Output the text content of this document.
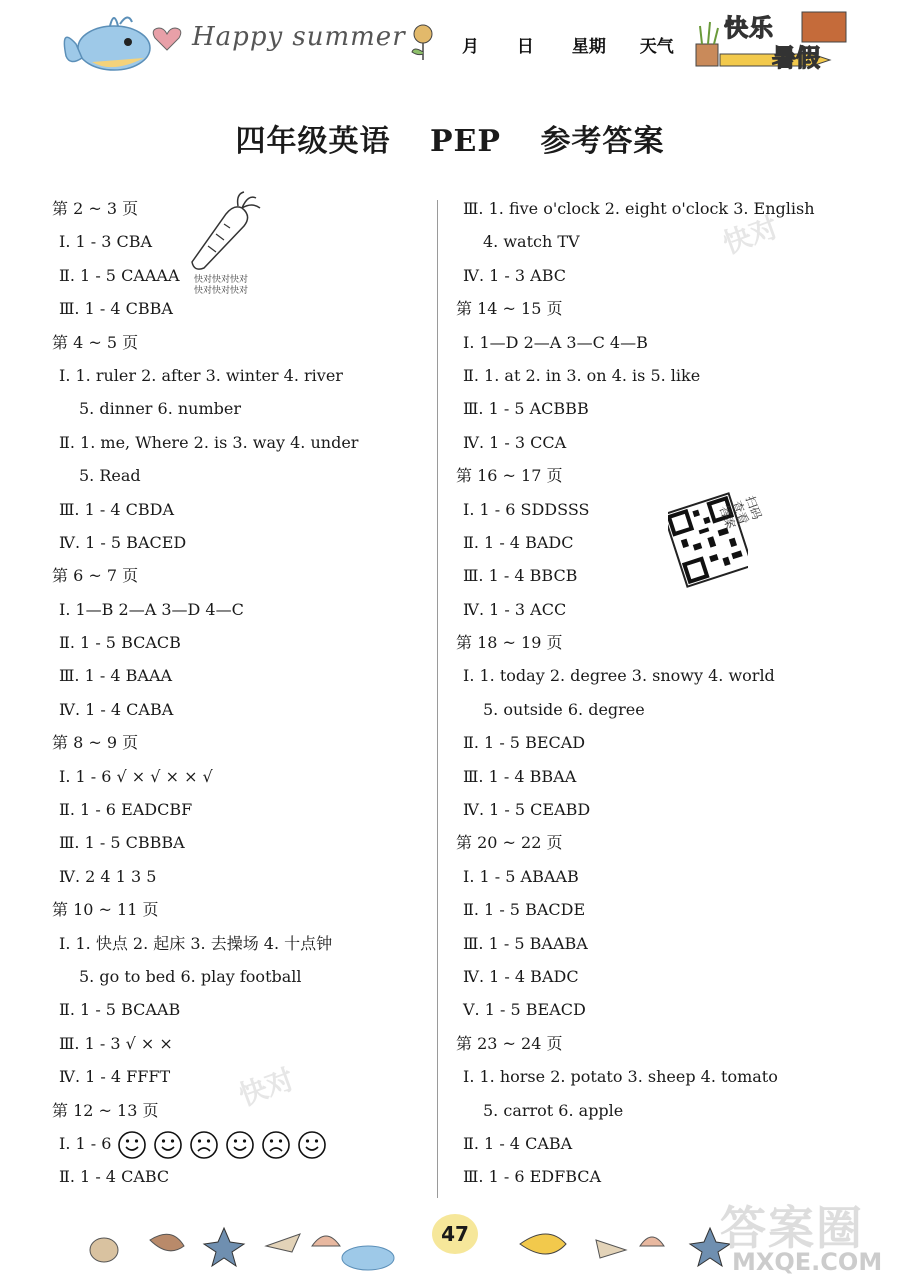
Happy summer	月 日 星期 天气
快乐
暑假
四年级英语 PEP 参考答案
快对快对快对
快对快对快对
快对
快对
第 2 ~ 3 页
Ⅰ. 1 - 3 CBA
Ⅱ. 1 - 5 CAAAA
Ⅲ. 1 - 4 CBBA
第 4 ~ 5 页
Ⅰ. 1. ruler 2. after 3. winter 4. river
5. dinner 6. number
Ⅱ. 1. me, Where 2. is 3. way 4. under
5. Read
Ⅲ. 1 - 4 CBDA
Ⅳ. 1 - 5 BACED
第 6 ~ 7 页
Ⅰ. 1—B 2—A 3—D 4—C
Ⅱ. 1 - 5 BCACB
Ⅲ. 1 - 4 BAAA
Ⅳ. 1 - 4 CABA
第 8 ~ 9 页
Ⅰ. 1 - 6 √ × √ × × √
Ⅱ. 1 - 6 EADCBF
Ⅲ. 1 - 5 CBBBA
Ⅳ. 2 4 1 3 5
第 10 ~ 11 页
Ⅰ. 1. 快点 2. 起床 3. 去操场 4. 十点钟
5. go to bed 6. play football
Ⅱ. 1 - 5 BCAAB
Ⅲ. 1 - 3 √ × ×
Ⅳ. 1 - 4 FFFT
第 12 ~ 13 页
Ⅰ. 1 - 6
Ⅱ. 1 - 4 CABC
Ⅲ. 1. five o'clock 2. eight o'clock 3. English
4. watch TV
Ⅳ. 1 - 3 ABC
第 14 ~ 15 页
Ⅰ. 1—D 2—A 3—C 4—B
Ⅱ. 1. at 2. in 3. on 4. is 5. like
Ⅲ. 1 - 5 ACBBB
Ⅳ. 1 - 3 CCA
第 16 ~ 17 页
Ⅰ. 1 - 6 SDDSSS
Ⅱ. 1 - 4 BADC
Ⅲ. 1 - 4 BBCB
Ⅳ. 1 - 3 ACC
第 18 ~ 19 页
Ⅰ. 1. today 2. degree 3. snowy 4. world
5. outside 6. degree
Ⅱ. 1 - 5 BECAD
Ⅲ. 1 - 4 BBAA
Ⅳ. 1 - 5 CEABD
第 20 ~ 22 页
Ⅰ. 1 - 5 ABAAB
Ⅱ. 1 - 5 BACDE
Ⅲ. 1 - 5 BAABA
Ⅳ. 1 - 4 BADC
Ⅴ. 1 - 5 BEACD
第 23 ~ 24 页
Ⅰ. 1. horse 2. potato 3. sheep 4. tomato
5. carrot 6. apple
Ⅱ. 1 - 4 CABA
Ⅲ. 1 - 6 EDFBCA
扫码查看答案
47	答案圈
MXQE.COM
